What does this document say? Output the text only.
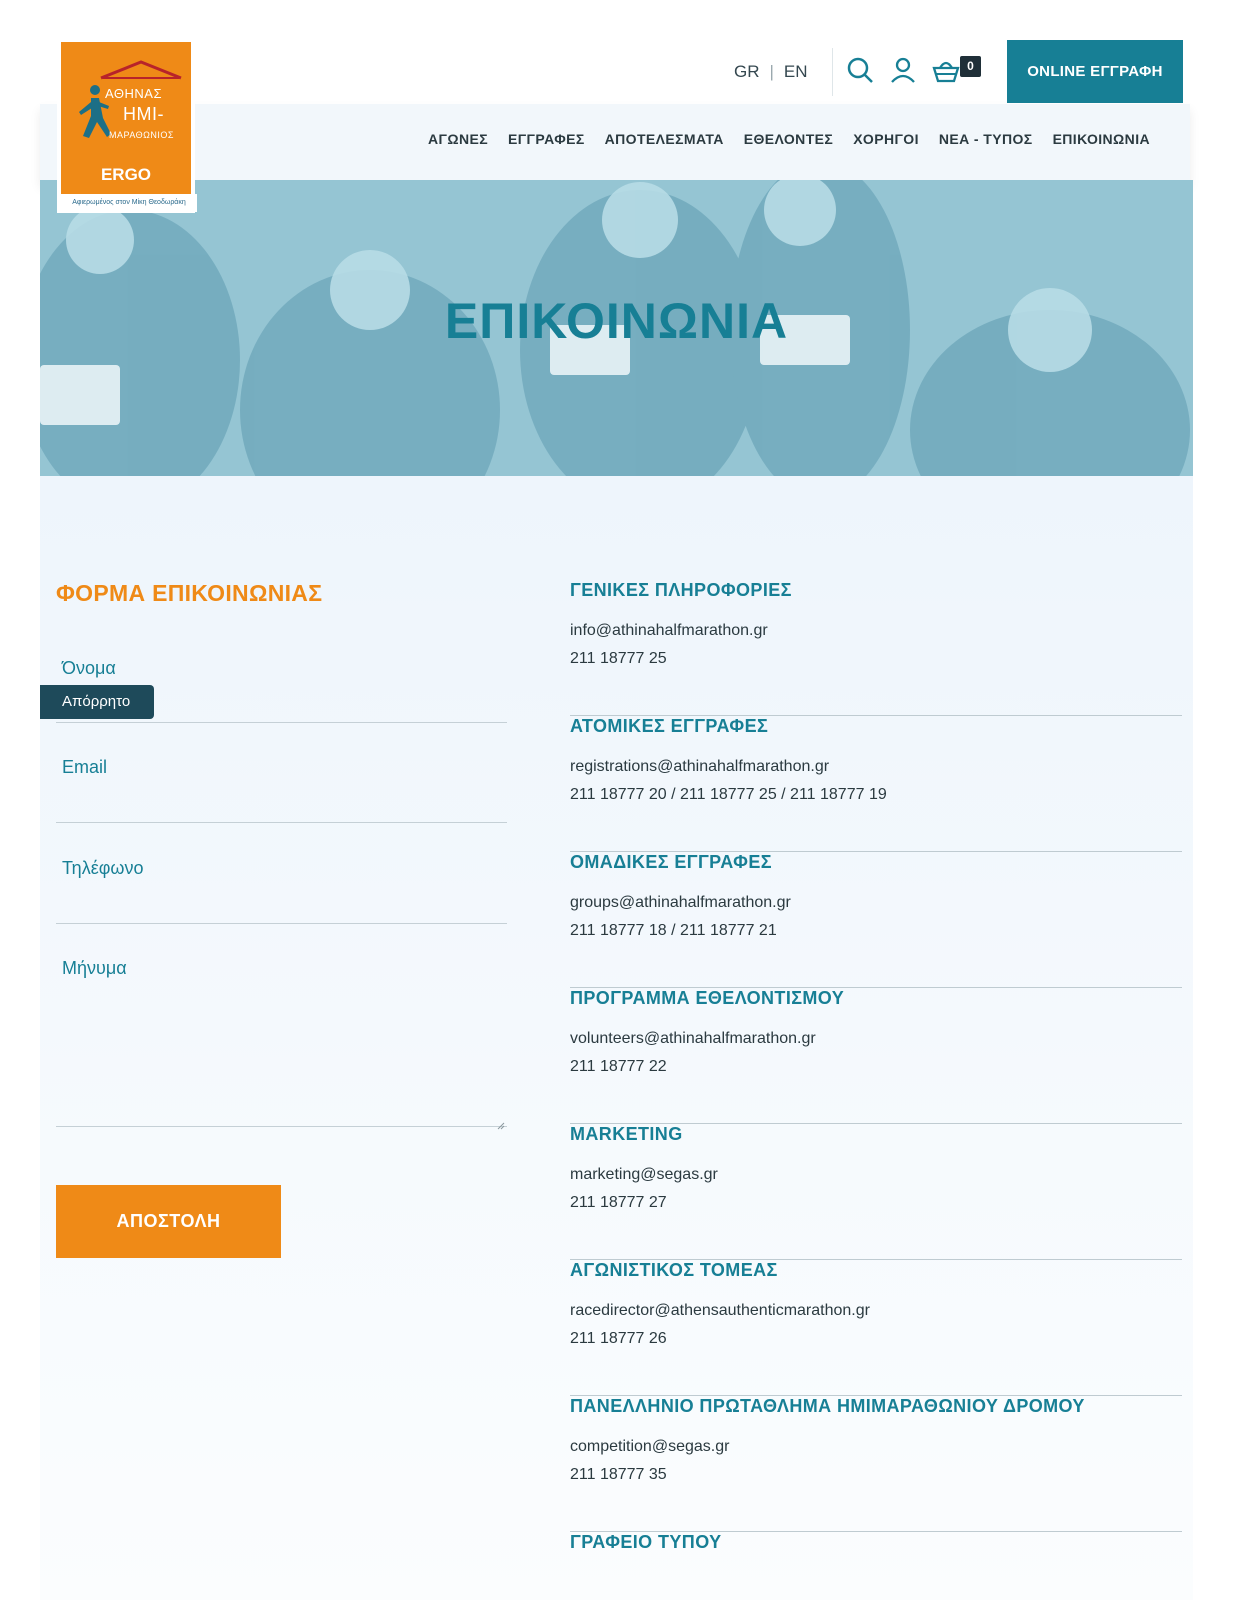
ΑΘΗΝΑΣ
ΗΜΙ-
ΜΑΡΑΘΩΝΙΟΣ
ERGO
Αφιερωμένος στον Μίκη Θεοδωράκη
GR | EN	0	ONLINE ΕΓΓΡΑΦΗ
ΑΓΩΝΕΣ	ΕΓΓΡΑΦΕΣ	ΑΠΟΤΕΛΕΣΜΑΤΑ	ΕΘΕΛΟΝΤΕΣ	ΧΟΡΗΓΟΙ	ΝΕΑ - ΤΥΠΟΣ	ΕΠΙΚΟΙΝΩΝΙΑ
ΕΠΙΚΟΙΝΩΝΙΑ
ΦΟΡΜΑ ΕΠΙΚΟΙΝΩΝΙΑΣ
Όνομα
Email
Τηλέφωνο
Μήνυμα
Απόρρητο
ΑΠΟΣΤΟΛΗ
ΓΕΝΙΚΕΣ ΠΛΗΡΟΦΟΡΙΕΣ
info@athinahalfmarathon.gr
211 18777 25
ΑΤΟΜΙΚΕΣ ΕΓΓΡΑΦΕΣ
registrations@athinahalfmarathon.gr
211 18777 20 / 211 18777 25 / 211 18777 19
ΟΜΑΔΙΚΕΣ ΕΓΓΡΑΦΕΣ
groups@athinahalfmarathon.gr
211 18777 18 / 211 18777 21
ΠΡΟΓΡΑΜΜΑ ΕΘΕΛΟΝΤΙΣΜΟΥ
volunteers@athinahalfmarathon.gr
211 18777 22
MARKETING
marketing@segas.gr
211 18777 27
ΑΓΩΝΙΣΤΙΚΟΣ ΤΟΜΕΑΣ
racedirector@athensauthenticmarathon.gr
211 18777 26
ΠΑΝΕΛΛΗΝΙΟ ΠΡΩΤΑΘΛΗΜΑ ΗΜΙΜΑΡΑΘΩΝΙΟΥ ΔΡΟΜΟΥ
competition@segas.gr
211 18777 35
ΓΡΑΦΕΙΟ ΤΥΠΟΥ
